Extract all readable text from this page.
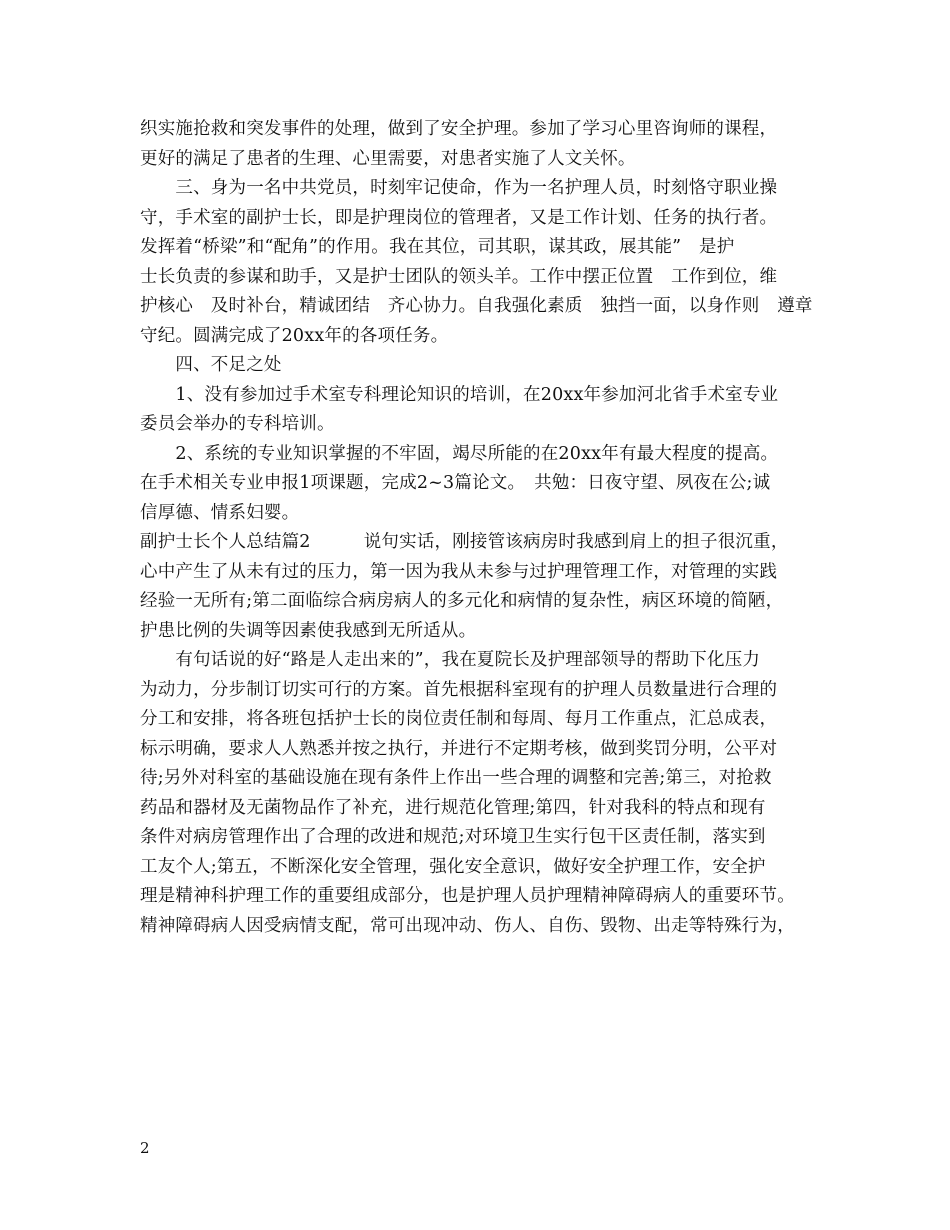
织实施抢救和突发事件的处理，做到了安全护理。参加了学习心里咨询师的课程，
更好的满足了患者的生理、心里需要，对患者实施了人文关怀。
　　三、身为一名中共党员，时刻牢记使命，作为一名护理人员，时刻恪守职业操
守，手术室的副护士长，即是护理岗位的管理者，又是工作计划、任务的执行者。
发挥着“桥梁”和“配角”的作用。我在其位，司其职，谋其政，展其能”　是护
士长负责的参谋和助手，又是护士团队的领头羊。工作中摆正位置　工作到位，维
护核心　及时补台，精诚团结　齐心协力。自我强化素质　独挡一面，以身作则　遵章
守纪。圆满完成了20xx年的各项任务。
　　四、不足之处
　　1、没有参加过手术室专科理论知识的培训，在20xx年参加河北省手术室专业
委员会举办的专科培训。
　　2、系统的专业知识掌握的不牢固，竭尽所能的在20xx年有最大程度的提高。
在手术相关专业申报1项课题，完成2~3篇论文。　共勉：日夜守望、夙夜在公;诚
信厚德、情系妇婴。
副护士长个人总结篇2　　　说句实话，刚接管该病房时我感到肩上的担子很沉重，
心中产生了从未有过的压力，第一因为我从未参与过护理管理工作，对管理的实践
经验一无所有;第二面临综合病房病人的多元化和病情的复杂性，病区环境的简陋，
护患比例的失调等因素使我感到无所适从。
　　有句话说的好“路是人走出来的”，我在夏院长及护理部领导的帮助下化压力
为动力，分步制订切实可行的方案。首先根据科室现有的护理人员数量进行合理的
分工和安排，将各班包括护士长的岗位责任制和每周、每月工作重点，汇总成表，
标示明确，要求人人熟悉并按之执行，并进行不定期考核，做到奖罚分明，公平对
待;另外对科室的基础设施在现有条件上作出一些合理的调整和完善;第三，对抢救
药品和器材及无菌物品作了补充，进行规范化管理;第四，针对我科的特点和现有
条件对病房管理作出了合理的改进和规范;对环境卫生实行包干区责任制，落实到
工友个人;第五，不断深化安全管理，强化安全意识，做好安全护理工作，安全护
理是精神科护理工作的重要组成部分，也是护理人员护理精神障碍病人的重要环节。
精神障碍病人因受病情支配，常可出现冲动、伤人、自伤、毁物、出走等特殊行为，
2
